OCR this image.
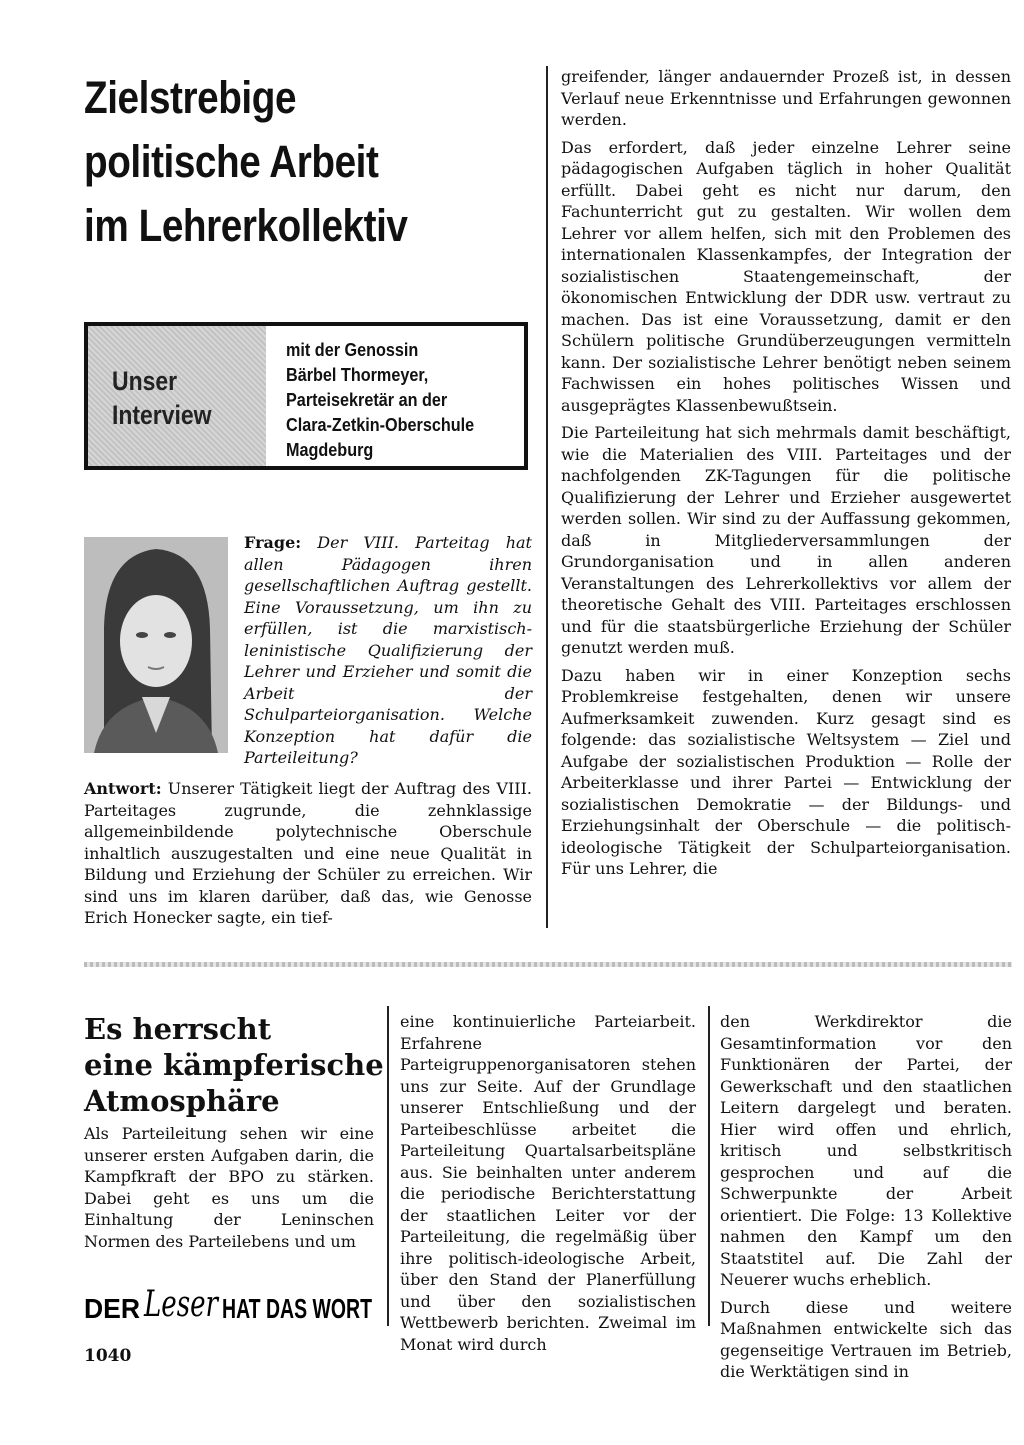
Zielstrebige
politische Arbeit
im Lehrerkollektiv
Unser
Interview
mit der Genossin
Bärbel Thormeyer,
Parteisekretär an der
Clara-Zetkin-Oberschule
Magdeburg
Frage: Der VIII. Parteitag hat allen Pädagogen ihren gesellschaftlichen Auftrag gestellt. Eine Voraussetzung, um ihn zu erfüllen, ist die marxistisch-leninistische Qualifizierung der Lehrer und Erzieher und somit die Arbeit der Schulparteiorganisation. Welche Konzeption hat dafür die Parteileitung?
Antwort: Unserer Tätigkeit liegt der Auftrag des VIII. Parteitages zugrunde, die zehnklassige allgemeinbildende polytechnische Oberschule inhaltlich auszugestalten und eine neue Qualität in Bildung und Erziehung der Schüler zu erreichen. Wir sind uns im klaren darüber, daß das, wie Genosse Erich Honecker sagte, ein tief-

greifender, länger andauernder Prozeß ist, in dessen Verlauf neue Erkenntnisse und Erfahrungen gewonnen werden.

Das erfordert, daß jeder einzelne Lehrer seine pädagogischen Aufgaben täglich in hoher Qualität erfüllt. Dabei geht es nicht nur darum, den Fachunterricht gut zu gestalten. Wir wollen dem Lehrer vor allem helfen, sich mit den Problemen des internationalen Klassenkampfes, der Integration der sozialistischen Staatengemeinschaft, der ökonomischen Entwicklung der DDR usw. vertraut zu machen. Das ist eine Voraussetzung, damit er den Schülern politische Grundüberzeugungen vermitteln kann. Der sozialistische Lehrer benötigt neben seinem Fachwissen ein hohes politisches Wissen und ausgeprägtes Klassenbewußtsein.

Die Parteileitung hat sich mehrmals damit beschäftigt, wie die Materialien des VIII. Parteitages und der nachfolgenden ZK-Tagungen für die politische Qualifizierung der Lehrer und Erzieher ausgewertet werden sollen. Wir sind zu der Auffassung gekommen, daß in Mitgliederversammlungen der Grundorganisation und in allen anderen Veranstaltungen des Lehrerkollektivs vor allem der theoretische Gehalt des VIII. Parteitages erschlossen und für die staatsbürgerliche Erziehung der Schüler genutzt werden muß.

Dazu haben wir in einer Konzeption sechs Problemkreise festgehalten, denen wir unsere Aufmerksamkeit zuwenden. Kurz gesagt sind es folgende: das sozialistische Weltsystem — Ziel und Aufgabe der sozialistischen Produktion — Rolle der Arbeiterklasse und ihrer Partei — Entwicklung der sozialistischen Demokratie — der Bildungs- und Erziehungsinhalt der Oberschule — die politisch-ideologische Tätigkeit der Schulparteiorganisation. Für uns Lehrer, die

Es herrscht
eine kämpferische
Atmosphäre

Als Parteileitung sehen wir eine unserer ersten Aufgaben darin, die Kampfkraft der BPO zu stärken. Dabei geht es uns um die Einhaltung der Leninschen Normen des Parteilebens und um

eine kontinuierliche Parteiarbeit. Erfahrene Parteigruppenorganisatoren stehen uns zur Seite. Auf der Grundlage unserer Entschließung und der Parteibeschlüsse arbeitet die Parteileitung Quartalsarbeitspläne aus. Sie beinhalten unter anderem die periodische Berichterstattung der staatlichen Leiter vor der Parteileitung, die regelmäßig über ihre politisch-ideologische Arbeit, über den Stand der Planerfüllung und über den sozialistischen Wettbewerb berichten. Zweimal im Monat wird durch

den Werkdirektor die Gesamtinformation vor den Funktionären der Partei, der Gewerkschaft und den staatlichen Leitern dargelegt und beraten. Hier wird offen und ehrlich, kritisch und selbstkritisch gesprochen und auf die Schwerpunkte der Arbeit orientiert. Die Folge: 13 Kollektive nahmen den Kampf um den Staatstitel auf. Die Zahl der Neuerer wuchs erheblich.

Durch diese und weitere Maßnahmen entwickelte sich das gegenseitige Vertrauen im Betrieb, die Werktätigen sind in

DER Leser HAT DAS WORT
1040
